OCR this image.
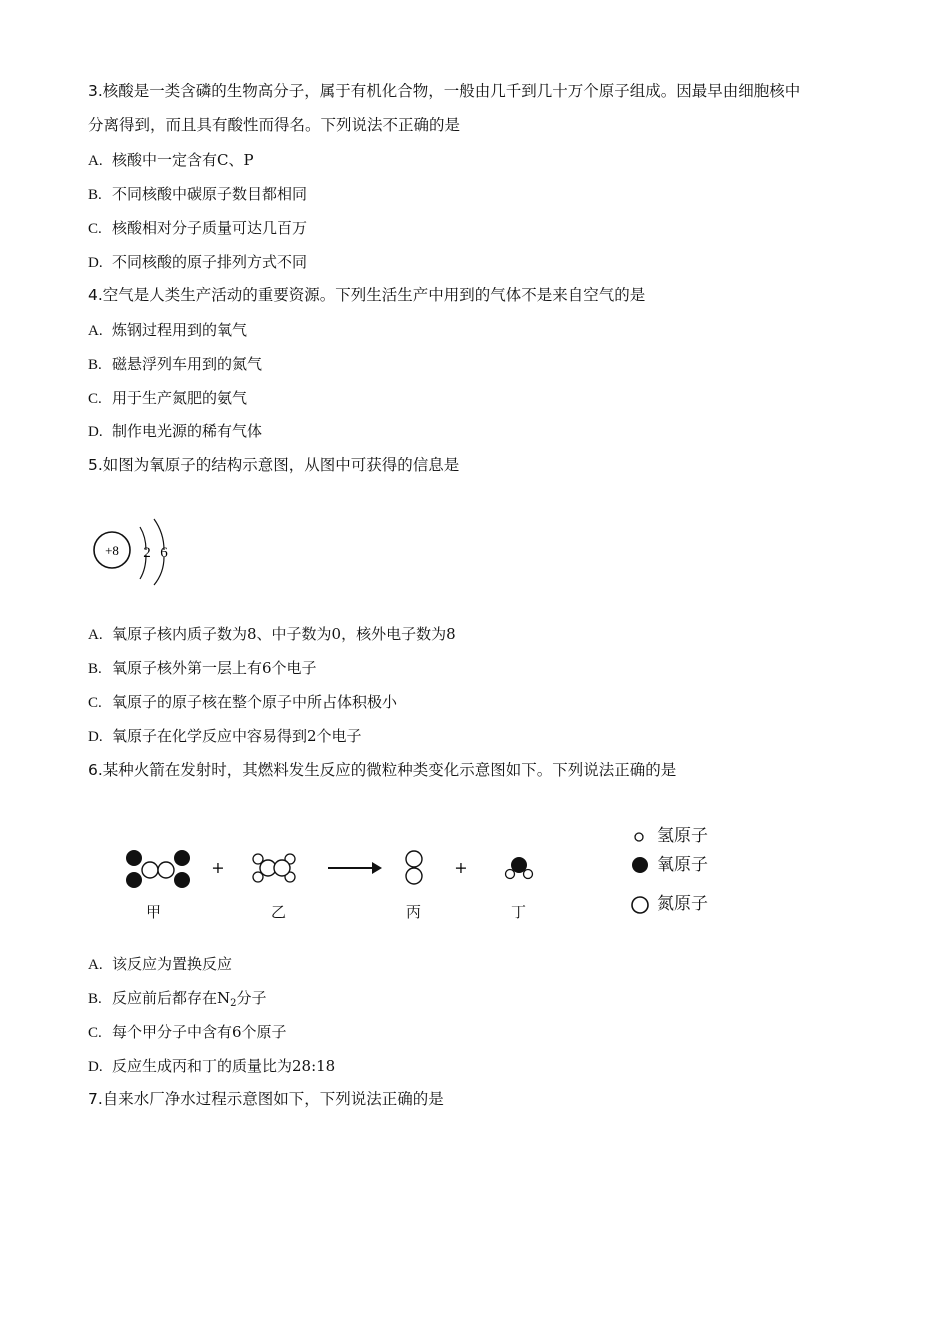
3.核酸是一类含磷的生物高分子，属于有机化合物，一般由几千到几十万个原子组成。因最早由细胞核中
分离得到，而且具有酸性而得名。下列说法不正确的是
A. 核酸中一定含有C、P
B. 不同核酸中碳原子数目都相同
C. 核酸相对分子质量可达几百万
D. 不同核酸的原子排列方式不同
4.空气是人类生产活动的重要资源。下列生活生产中用到的气体不是来自空气的是
A. 炼钢过程用到的氧气
B. 磁悬浮列车用到的氮气
C. 用于生产氮肥的氨气
D. 制作电光源的稀有气体
5.如图为氧原子的结构示意图，从图中可获得的信息是
+8 2 6
A. 氧原子核内质子数为8、中子数为0，核外电子数为8
B. 氧原子核外第一层上有6个电子
C. 氧原子的原子核在整个原子中所占体积极小
D. 氧原子在化学反应中容易得到2个电子
6.某种火箭在发射时，其燃料发生反应的微粒种类变化示意图如下。下列说法正确的是
+	+
甲	乙	丙	丁
氢原子
氧原子
氮原子
A. 该反应为置换反应
B. 反应前后都存在$N_2$分子
C. 每个甲分子中含有6个原子
D. 反应生成丙和丁的质量比为28:18
7.自来水厂净水过程示意图如下，下列说法正确的是
